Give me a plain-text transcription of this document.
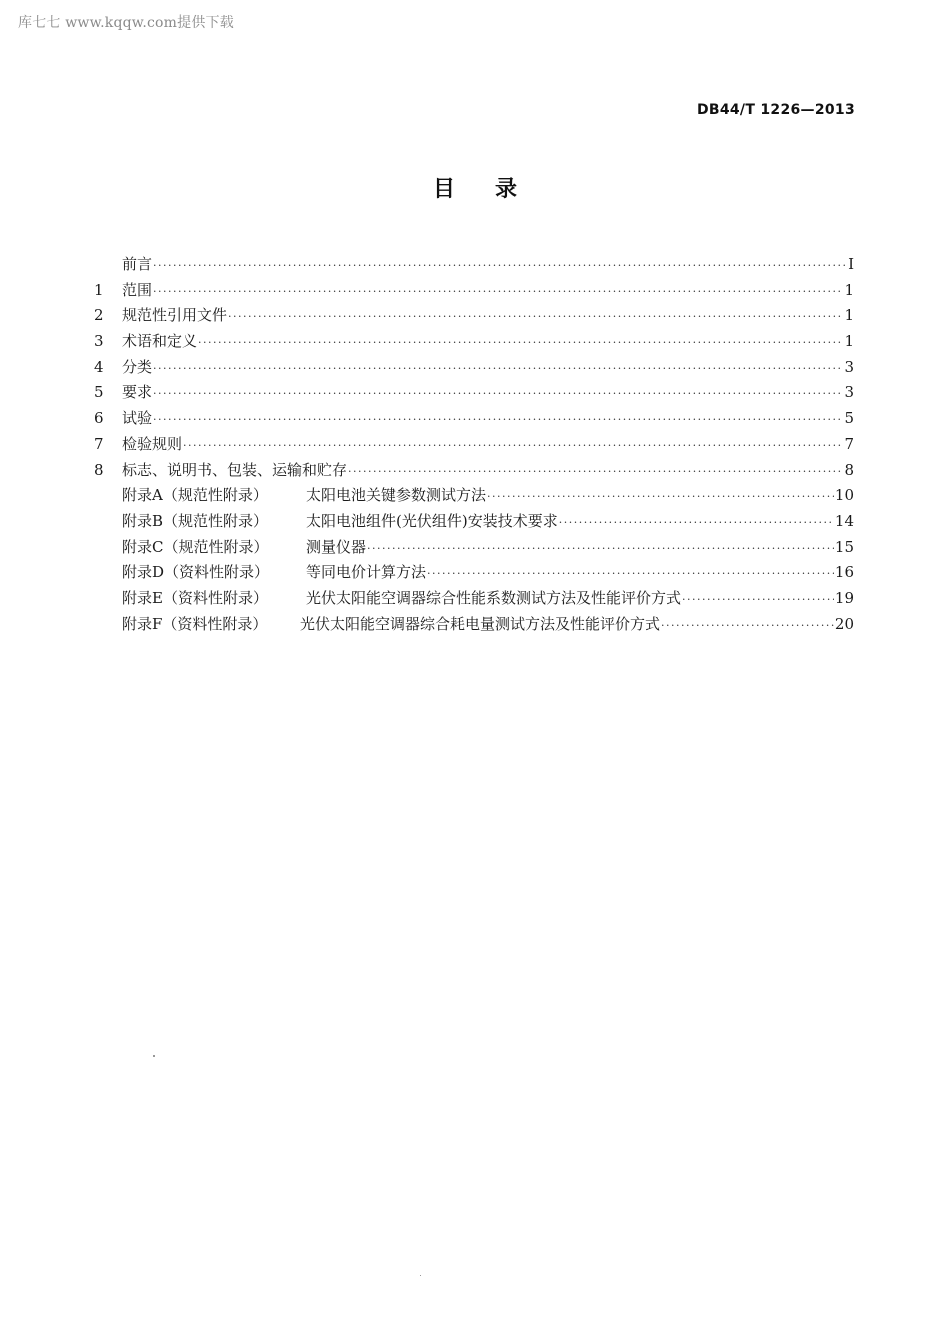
库七七 www.kqqw.com提供下载
DB44/T 1226—2013
目录
前言 ·····	I
1	范围 ·····	1
2	规范性引用文件 ·····	1
3	术语和定义 ·····	1
4	分类 ·····	3
5	要求 ·····	3
6	试验 ·····	5
7	检验规则 ·····	7
8	标志、说明书、包装、运输和贮存 ·····	8
附录A（规范性附录）	太阳电池关键参数测试方法 ·····	10
附录B（规范性附录）	太阳电池组件(光伏组件)安装技术要求 ·····	14
附录C（规范性附录）	测量仪器 ·····	15
附录D（资料性附录）	等同电价计算方法 ·····	16
附录E（资料性附录）	光伏太阳能空调器综合性能系数测试方法及性能评价方式 ·····	19
附录F（资料性附录）	光伏太阳能空调器综合耗电量测试方法及性能评价方式 ·····	20
